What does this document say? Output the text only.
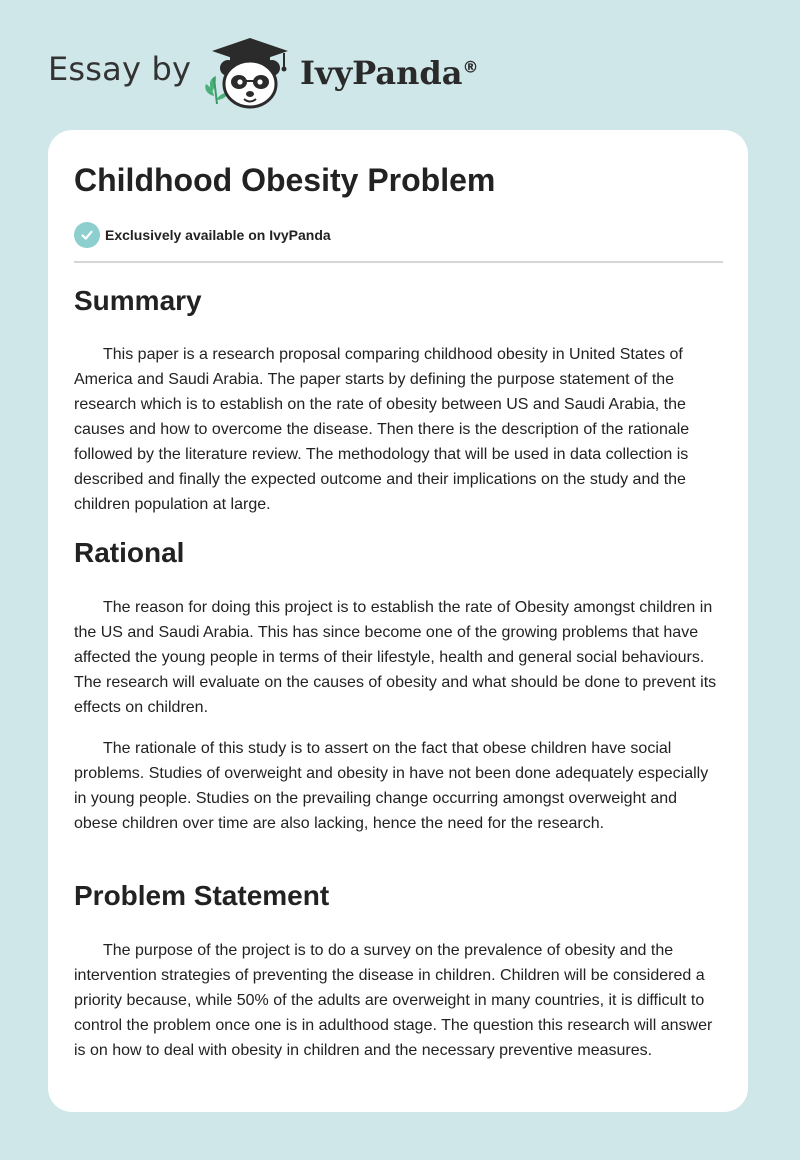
Essay by	IvyPanda®
Childhood Obesity Problem
Exclusively available on IvyPanda
Summary

This paper is a research proposal comparing childhood obesity in United States of America and Saudi Arabia. The paper starts by defining the purpose statement of the research which is to establish on the rate of obesity between US and Saudi Arabia, the causes and how to overcome the disease. Then there is the description of the rationale followed by the literature review. The methodology that will be used in data collection is described and finally the expected outcome and their implications on the study and the children population at large.

Rational

The reason for doing this project is to establish the rate of Obesity amongst children in the US and Saudi Arabia. This has since become one of the growing problems that have affected the young people in terms of their lifestyle, health and general social behaviours. The research will evaluate on the causes of obesity and what should be done to prevent its effects on children.

The rationale of this study is to assert on the fact that obese children have social problems. Studies of overweight and obesity in have not been done adequately especially in young people. Studies on the prevailing change occurring amongst overweight and obese children over time are also lacking, hence the need for the research.

Problem Statement

The purpose of the project is to do a survey on the prevalence of obesity and the intervention strategies of preventing the disease in children. Children will be considered a priority because, while 50% of the adults are overweight in many countries, it is difficult to control the problem once one is in adulthood stage. The question this research will answer is on how to deal with obesity in children and the necessary preventive measures.
